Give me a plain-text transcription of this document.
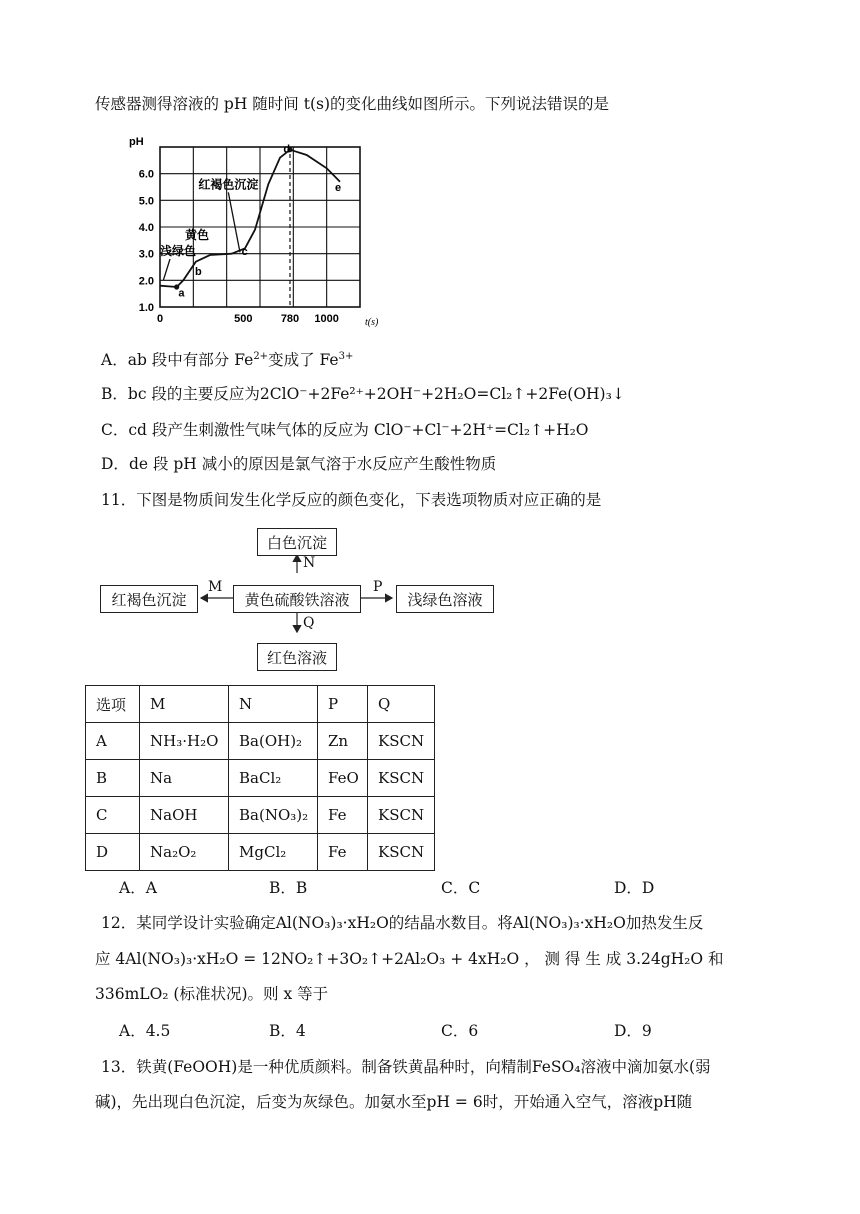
传感器测得溶液的 pH 随时间 t(s)的变化曲线如图所示。下列说法错误的是
1.0
2.0
3.0
4.0
5.0
6.0
0	500	780 1000
pH
t(s)
a
b
c
d
e
红褐色沉淀
黄色
浅绿色
A．ab 段中有部分 $Fe^{2+}$变成了 $Fe^{3+}$
B．bc 段的主要反应为2ClO⁻+2Fe²⁺+2OH⁻+2H₂O=Cl₂↑+2Fe(OH)₃↓
C．cd 段产生刺激性气味气体的反应为 ClO⁻+Cl⁻+2H⁺=Cl₂↑+H₂O
D．de 段 pH 减小的原因是氯气溶于水反应产生酸性物质
11．下图是物质间发生化学反应的颜色变化，下表选项物质对应正确的是
白色沉淀
N
红褐色沉淀
M
黄色硫酸铁溶液
P
浅绿色溶液
Q
红色溶液
选项	M	N	P	Q
A	NH₃·H₂O	Ba(OH)₂	Zn	KSCN
B	Na	BaCl₂	FeO	KSCN
C	NaOH	Ba(NO₃)₂	Fe	KSCN
D	Na₂O₂	MgCl₂	Fe	KSCN
A．A	B．B	C．C	D．D
12．某同学设计实验确定Al(NO₃)₃·xH₂O的结晶水数目。将Al(NO₃)₃·xH₂O加热发生反
应 4Al(NO₃)₃·xH₂O = 12NO₂↑+3O₂↑+2Al₂O₃ + 4xH₂O ， 测 得 生 成 3.24gH₂O 和
336mLO₂ (标准状况)。则 x 等于
A．4.5	B．4	C．6	D．9
13．铁黄(FeOOH)是一种优质颜料。制备铁黄晶种时，向精制FeSO₄溶液中滴加氨水(弱
碱)，先出现白色沉淀，后变为灰绿色。加氨水至pH = 6时，开始通入空气，溶液pH随
